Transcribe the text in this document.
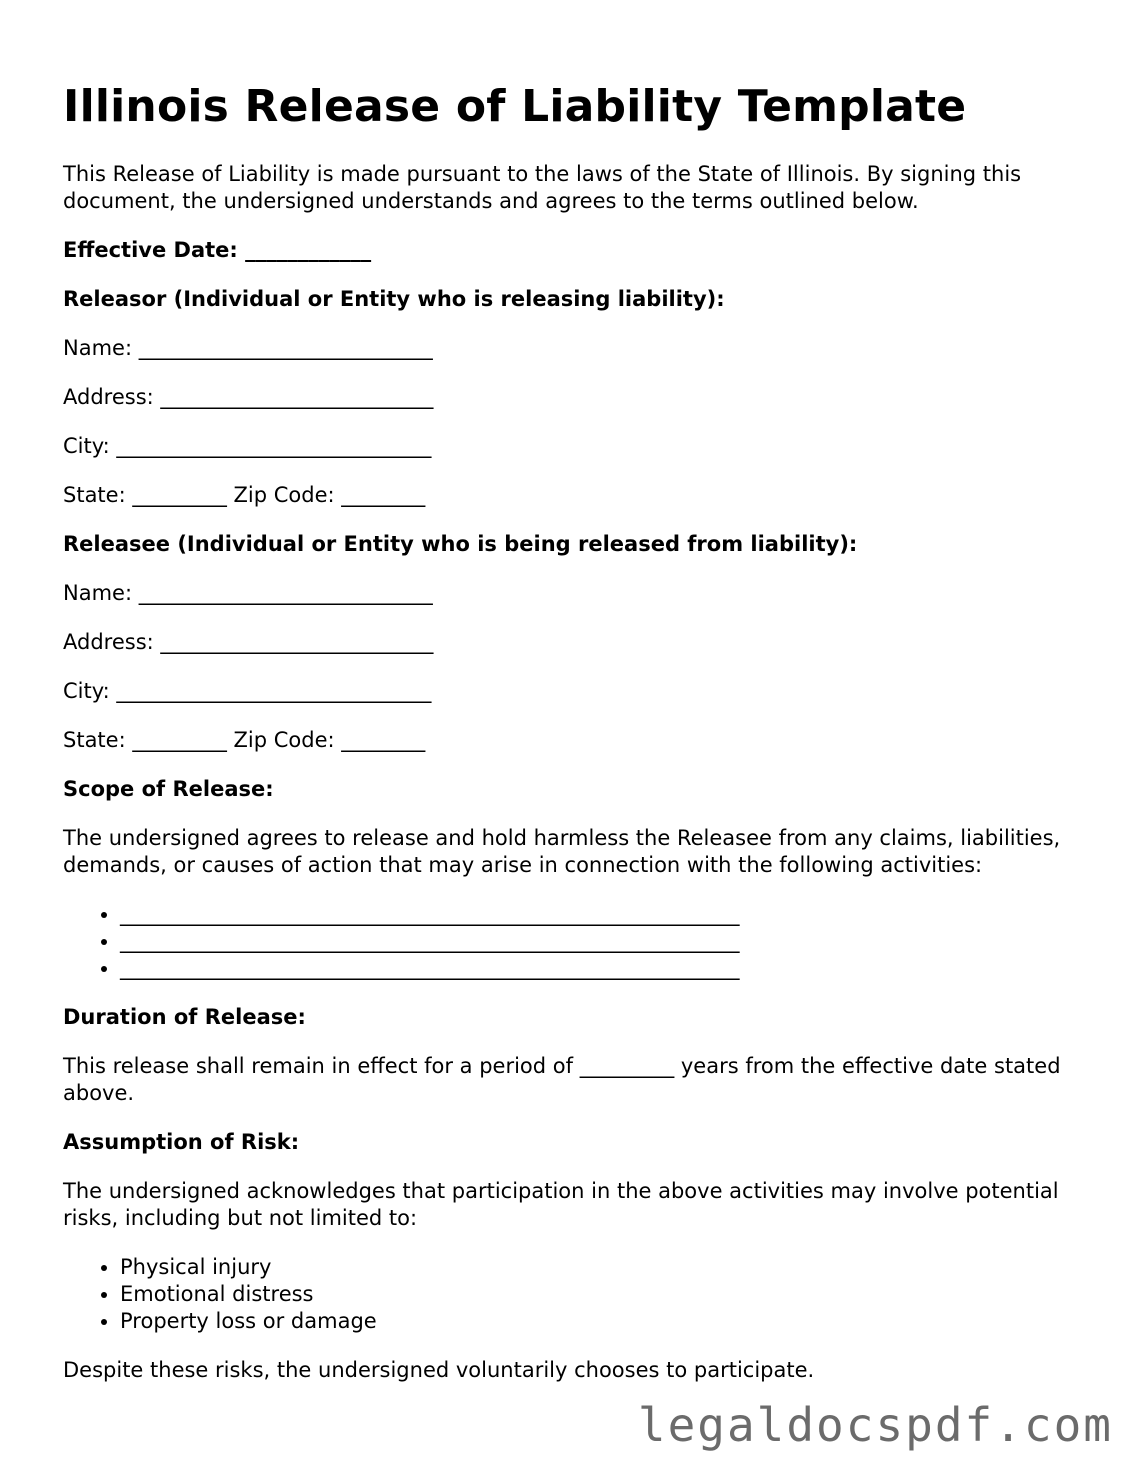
Illinois Release of Liability Template

This Release of Liability is made pursuant to the laws of the State of Illinois. By signing this document, the undersigned understands and agrees to the terms outlined below.

Effective Date: ____________

Releasor (Individual or Entity who is releasing liability):

Name: ____________________________

Address: __________________________

City: ______________________________

State: _________ Zip Code: ________

Releasee (Individual or Entity who is being released from liability):

Name: ____________________________

Address: __________________________

City: ______________________________

State: _________ Zip Code: ________

Scope of Release:

The undersigned agrees to release and hold harmless the Releasee from any claims, liabilities, demands, or causes of action that may arise in connection with the following activities:

• ___________________________________________________________
• ___________________________________________________________
• ___________________________________________________________

Duration of Release:

This release shall remain in effect for a period of _________ years from the effective date stated above.

Assumption of Risk:

The undersigned acknowledges that participation in the above activities may involve potential risks, including but not limited to:

• Physical injury
• Emotional distress
• Property loss or damage

Despite these risks, the undersigned voluntarily chooses to participate.

legaldocspdf.com
